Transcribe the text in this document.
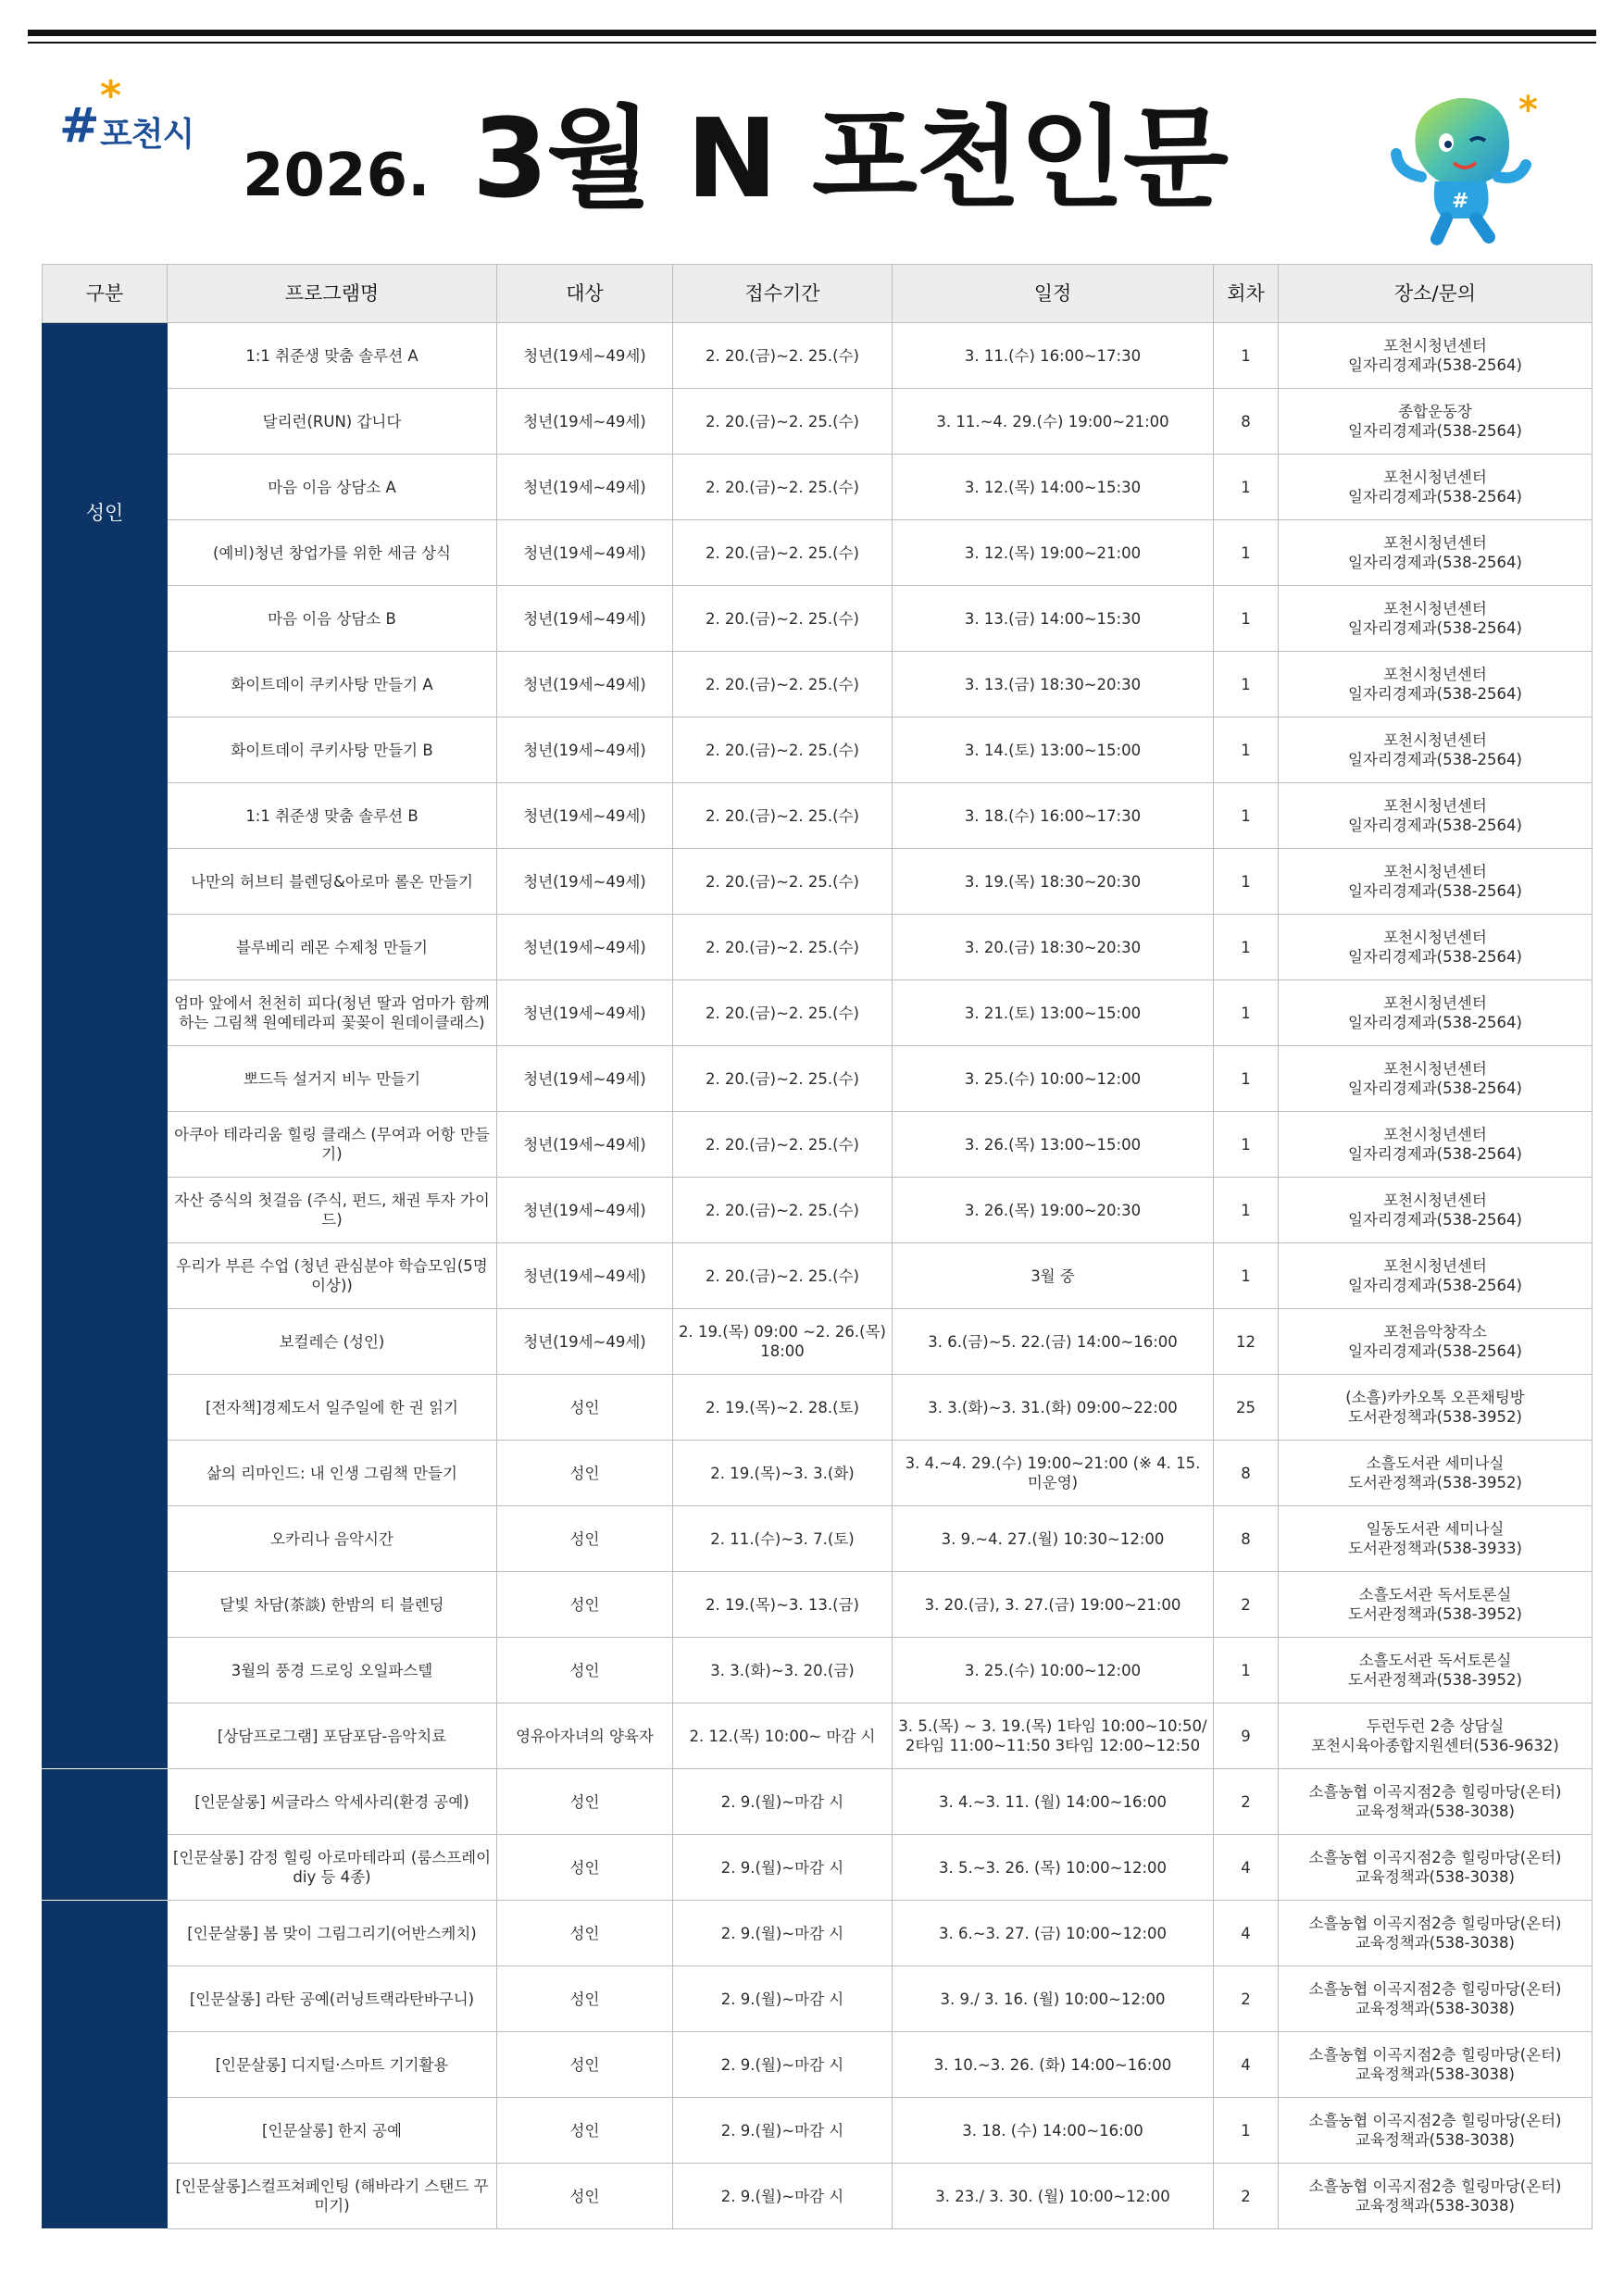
#
*
포천시
2026. 3월 N 포천인문	*
#
구분	프로그램명	대상	접수기간	일정	회차	장소/문의

성인	1:1 취준생 맞춤 솔루션 A	청년(19세~49세)	2. 20.(금)~2. 25.(수)	3. 11.(수) 16:00~17:30	1	포천시청년센터
일자리경제과(538-2564)

	달리런(RUN) 갑니다	청년(19세~49세)	2. 20.(금)~2. 25.(수)	3. 11.~4. 29.(수) 19:00~21:00	8	종합운동장
일자리경제과(538-2564)

	마음 이음 상담소 A	청년(19세~49세)	2. 20.(금)~2. 25.(수)	3. 12.(목) 14:00~15:30	1	포천시청년센터
일자리경제과(538-2564)

	(예비)청년 창업가를 위한 세금 상식	청년(19세~49세)	2. 20.(금)~2. 25.(수)	3. 12.(목) 19:00~21:00	1	포천시청년센터
일자리경제과(538-2564)

	마음 이음 상담소 B	청년(19세~49세)	2. 20.(금)~2. 25.(수)	3. 13.(금) 14:00~15:30	1	포천시청년센터
일자리경제과(538-2564)

	화이트데이 쿠키사탕 만들기 A	청년(19세~49세)	2. 20.(금)~2. 25.(수)	3. 13.(금) 18:30~20:30	1	포천시청년센터
일자리경제과(538-2564)

	화이트데이 쿠키사탕 만들기 B	청년(19세~49세)	2. 20.(금)~2. 25.(수)	3. 14.(토) 13:00~15:00	1	포천시청년센터
일자리경제과(538-2564)

	1:1 취준생 맞춤 솔루션 B	청년(19세~49세)	2. 20.(금)~2. 25.(수)	3. 18.(수) 16:00~17:30	1	포천시청년센터
일자리경제과(538-2564)

	나만의 허브티 블렌딩&아로마 롤온 만들기	청년(19세~49세)	2. 20.(금)~2. 25.(수)	3. 19.(목) 18:30~20:30	1	포천시청년센터
일자리경제과(538-2564)

	블루베리 레몬 수제청 만들기	청년(19세~49세)	2. 20.(금)~2. 25.(수)	3. 20.(금) 18:30~20:30	1	포천시청년센터
일자리경제과(538-2564)

	엄마 앞에서 천천히 피다(청년 딸과 엄마가 함께하는 그림책 원예테라피 꽃꽂이 원데이클래스)	청년(19세~49세)	2. 20.(금)~2. 25.(수)	3. 21.(토) 13:00~15:00	1	포천시청년센터
일자리경제과(538-2564)

	뽀드득 설거지 비누 만들기	청년(19세~49세)	2. 20.(금)~2. 25.(수)	3. 25.(수) 10:00~12:00	1	포천시청년센터
일자리경제과(538-2564)

	아쿠아 테라리움 힐링 클래스 (무여과 어항 만들기)	청년(19세~49세)	2. 20.(금)~2. 25.(수)	3. 26.(목) 13:00~15:00	1	포천시청년센터
일자리경제과(538-2564)

	자산 증식의 첫걸음 (주식, 펀드, 채권 투자 가이드)	청년(19세~49세)	2. 20.(금)~2. 25.(수)	3. 26.(목) 19:00~20:30	1	포천시청년센터
일자리경제과(538-2564)

	우리가 부른 수업 (청년 관심분야 학습모임(5명 이상))	청년(19세~49세)	2. 20.(금)~2. 25.(수)	3월 중	1	포천시청년센터
일자리경제과(538-2564)

	보컬레슨 (성인)	청년(19세~49세)	2. 19.(목) 09:00 ~2. 26.(목) 18:00	3. 6.(금)~5. 22.(금) 14:00~16:00	12	포천음악창작소
일자리경제과(538-2564)

	[전자책]경제도서 일주일에 한 권 읽기	성인	2. 19.(목)~2. 28.(토)	3. 3.(화)~3. 31.(화) 09:00~22:00	25	(소흘)카카오톡 오픈채팅방
도서관정책과(538-3952)

	삶의 리마인드: 내 인생 그림책 만들기	성인	2. 19.(목)~3. 3.(화)	3. 4.~4. 29.(수) 19:00~21:00 (※ 4. 15. 미운영)	8	소흘도서관 세미나실
도서관정책과(538-3952)

	오카리나 음악시간	성인	2. 11.(수)~3. 7.(토)	3. 9.~4. 27.(월) 10:30~12:00	8	일동도서관 세미나실
도서관정책과(538-3933)

	달빛 차담(茶談) 한밤의 티 블렌딩	성인	2. 19.(목)~3. 13.(금)	3. 20.(금), 3. 27.(금) 19:00~21:00	2	소흘도서관 독서토론실
도서관정책과(538-3952)

	3월의 풍경 드로잉 오일파스텔	성인	3. 3.(화)~3. 20.(금)	3. 25.(수) 10:00~12:00	1	소흘도서관 독서토론실
도서관정책과(538-3952)

	[상담프로그램] 포담포담-음악치료	영유아자녀의 양육자	2. 12.(목) 10:00~ 마감 시	3. 5.(목) ~ 3. 19.(목) 1타임 10:00~10:50/ 2타임 11:00~11:50 3타임 12:00~12:50	9	두런두런 2층 상담실
포천시육아종합지원센터(536-9632)

	[인문살롱] 씨글라스 악세사리(환경 공예)	성인	2. 9.(월)~마감 시	3. 4.~3. 11. (월) 14:00~16:00	2	소흘농협 이곡지점2층 힐링마당(온터)
교육정책과(538-3038)

	[인문살롱] 감정 힐링 아로마테라피 (룸스프레이 diy 등 4종)	성인	2. 9.(월)~마감 시	3. 5.~3. 26. (목) 10:00~12:00	4	소흘농협 이곡지점2층 힐링마당(온터)
교육정책과(538-3038)

	[인문살롱] 봄 맞이 그림그리기(어반스케치)	성인	2. 9.(월)~마감 시	3. 6.~3. 27. (금) 10:00~12:00	4	소흘농협 이곡지점2층 힐링마당(온터)
교육정책과(538-3038)

	[인문살롱] 라탄 공예(러닝트랙라탄바구니)	성인	2. 9.(월)~마감 시	3. 9./ 3. 16. (월) 10:00~12:00	2	소흘농협 이곡지점2층 힐링마당(온터)
교육정책과(538-3038)

	[인문살롱] 디지털·스마트 기기활용	성인	2. 9.(월)~마감 시	3. 10.~3. 26. (화) 14:00~16:00	4	소흘농협 이곡지점2층 힐링마당(온터)
교육정책과(538-3038)

	[인문살롱] 한지 공예	성인	2. 9.(월)~마감 시	3. 18. (수) 14:00~16:00	1	소흘농협 이곡지점2층 힐링마당(온터)
교육정책과(538-3038)

	[인문살롱]스컬프쳐페인팅 (해바라기 스탠드 꾸미기)	성인	2. 9.(월)~마감 시	3. 23./ 3. 30. (월) 10:00~12:00	2	소흘농협 이곡지점2층 힐링마당(온터)
교육정책과(538-3038)
